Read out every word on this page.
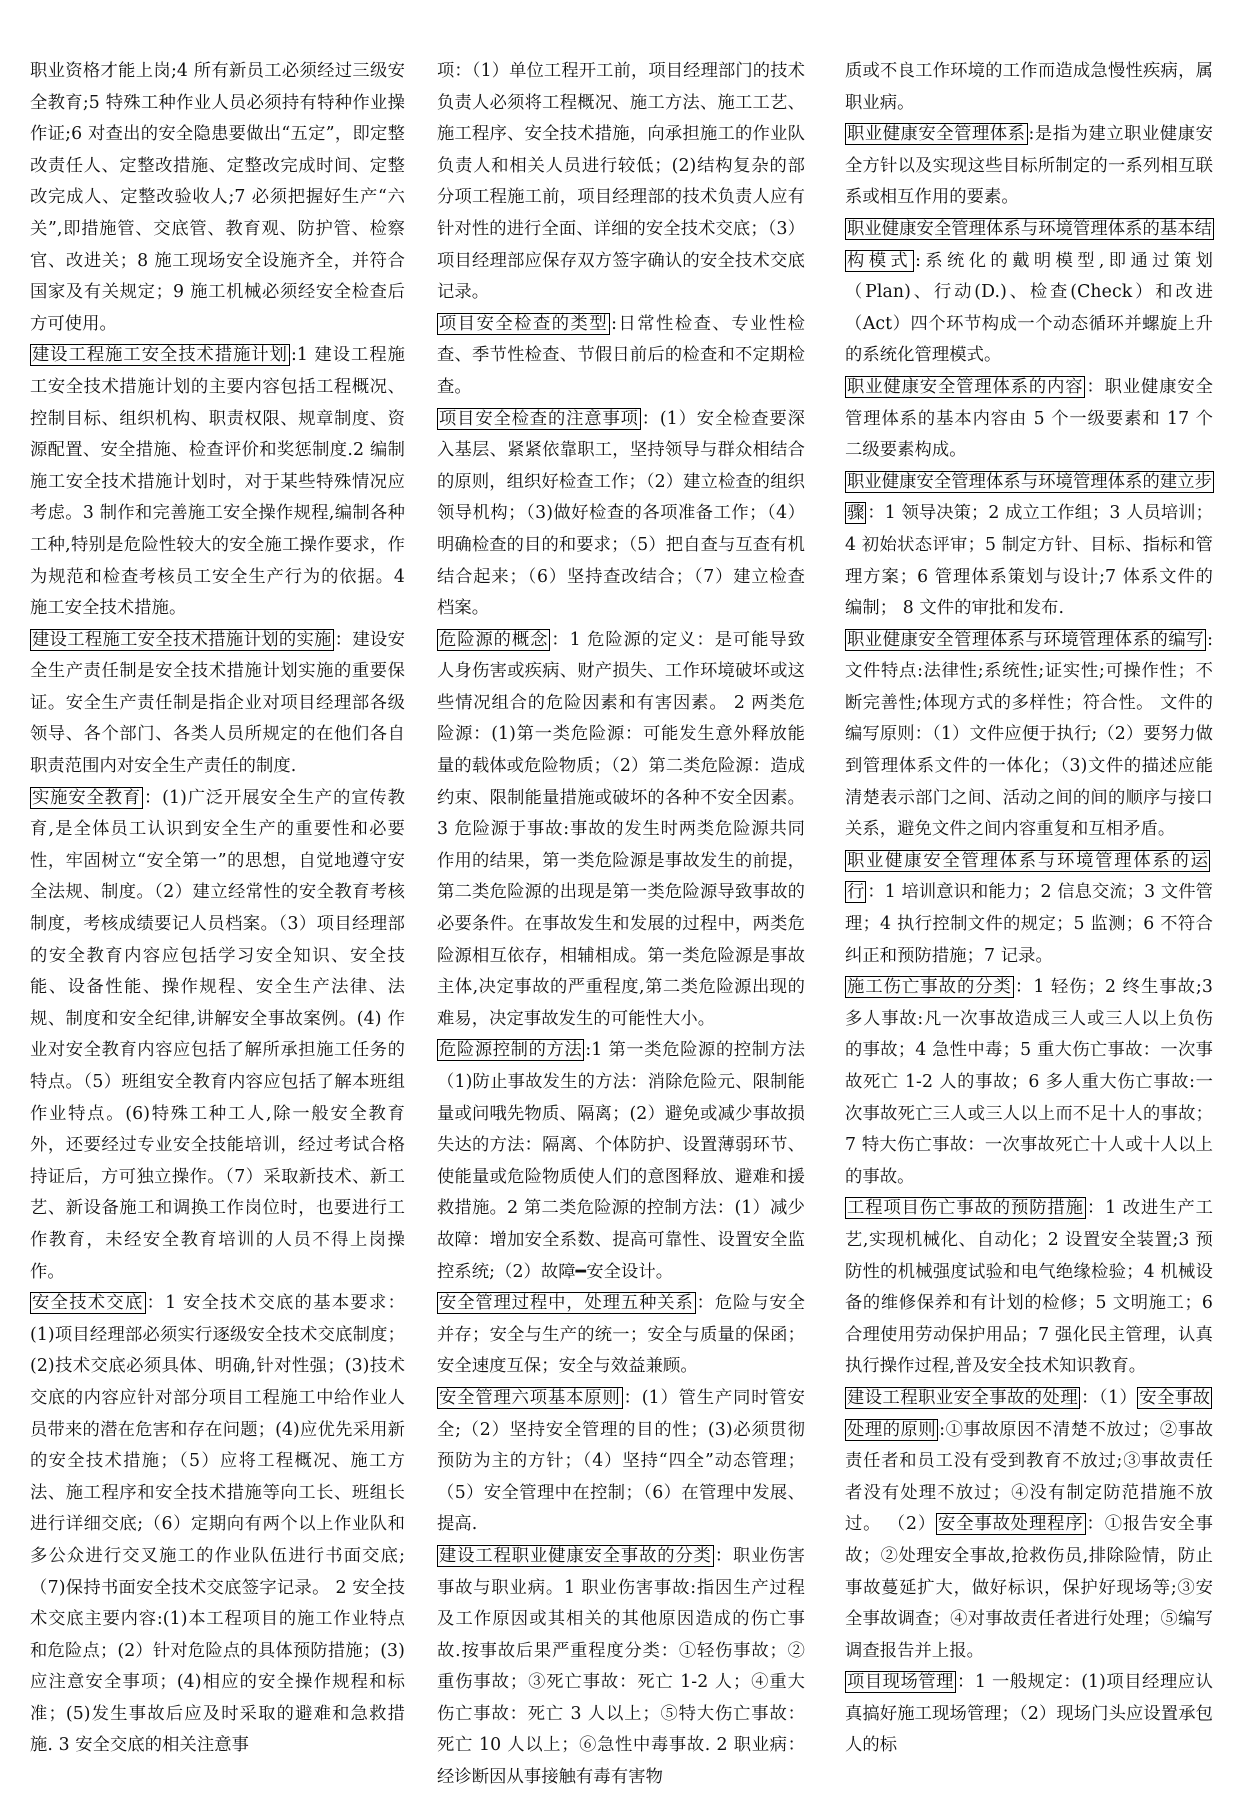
职业资格才能上岗;4 所有新员工必须经过三级安全教育;5 特殊工种作业人员必须持有特种作业操作证;6 对查出的安全隐患要做出“五定”，即定整改责任人、定整改措施、定整改完成时间、定整改完成人、定整改验收人;7 必须把握好生产“六关”,即措施管、交底管、教育观、防护管、检察官、改进关；8 施工现场安全设施齐全，并符合国家及有关规定；9 施工机械必须经安全检查后方可使用。

建设工程施工安全技术措施计划 :1 建设工程施工安全技术措施计划的主要内容包括工程概况、控制目标、组织机构、职责权限、规章制度、资源配置、安全措施、检查评价和奖惩制度.2 编制施工安全技术措施计划时，对于某些特殊情况应考虑。3 制作和完善施工安全操作规程,编制各种工种,特别是危险性较大的安全施工操作要求，作为规范和检查考核员工安全生产行为的依据。4 施工安全技术措施。

建设工程施工安全技术措施计划的实施 ：建设安全生产责任制是安全技术措施计划实施的重要保证。安全生产责任制是指企业对项目经理部各级领导、各个部门、各类人员所规定的在他们各自职责范围内对安全生产责任的制度.

实施安全教育 ：(1)广泛开展安全生产的宣传教育,是全体员工认识到安全生产的重要性和必要性，牢固树立“安全第一”的思想，自觉地遵守安全法规、制度。（2）建立经常性的安全教育考核制度，考核成绩要记人员档案。（3）项目经理部的安全教育内容应包括学习安全知识、安全技能、设备性能、操作规程、安全生产法律、法规、制度和安全纪律,讲解安全事故案例。(4) 作业对安全教育内容应包括了解所承担施工任务的特点。（5）班组安全教育内容应包括了解本班组作业特点。(6)特殊工种工人,除一般安全教育外，还要经过专业安全技能培训，经过考试合格持证后，方可独立操作。（7）采取新技术、新工艺、新设备施工和调换工作岗位时，也要进行工作教育，未经安全教育培训的人员不得上岗操作。

安全技术交底 ：1 安全技术交底的基本要求：(1)项目经理部必须实行逐级安全技术交底制度；(2)技术交底必须具体、明确,针对性强；(3)技术交底的内容应针对部分项目工程施工中给作业人员带来的潜在危害和存在问题；(4)应优先采用新的安全技术措施；（5）应将工程概况、施工方法、施工程序和安全技术措施等向工长、班组长进行详细交底;（6）定期向有两个以上作业队和多公众进行交叉施工的作业队伍进行书面交底;（7)保持书面安全技术交底签字记录。 2 安全技术交底主要内容:(1)本工程项目的施工作业特点和危险点；(2）针对危险点的具体预防措施；(3)应注意安全事项；(4)相应的安全操作规程和标准；(5)发生事故后应及时采取的避难和急救措施. 3 安全交底的相关注意事

项：（1）单位工程开工前，项目经理部门的技术负责人必须将工程概况、施工方法、施工工艺、施工程序、安全技术措施，向承担施工的作业队负责人和相关人员进行较低；(2)结构复杂的部分项工程施工前，项目经理部的技术负责人应有针对性的进行全面、详细的安全技术交底；（3）项目经理部应保存双方签字确认的安全技术交底记录。

项目安全检查的类型 :日常性检查、专业性检查、季节性检查、节假日前后的检查和不定期检查。

项目安全检查的注意事项 ：(1）安全检查要深入基层、紧紧依靠职工，坚持领导与群众相结合的原则，组织好检查工作；（2）建立检查的组织领导机构；（3)做好检查的各项准备工作；（4）明确检查的目的和要求；（5）把自查与互查有机结合起来；（6）坚持查改结合；（7）建立检查档案。

危险源的概念 ：1 危险源的定义：是可能导致人身伤害或疾病、财产损失、工作环境破坏或这些情况组合的危险因素和有害因素。 2 两类危险源：(1)第一类危险源：可能发生意外释放能量的载体或危险物质；（2）第二类危险源：造成约束、限制能量措施或破坏的各种不安全因素。 3 危险源于事故:事故的发生时两类危险源共同作用的结果，第一类危险源是事故发生的前提，第二类危险源的出现是第一类危险源导致事故的必要条件。在事故发生和发展的过程中，两类危险源相互依存，相辅相成。第一类危险源是事故主体,决定事故的严重程度,第二类危险源出现的难易，决定事故发生的可能性大小。

危险源控制的方法 :1 第一类危险源的控制方法（1)防止事故发生的方法：消除危险元、限制能量或问哦先物质、隔离；(2）避免或减少事故损失达的方法：隔离、个体防护、设置薄弱环节、使能量或危险物质使人们的意图释放、避难和援救措施。2 第二类危险源的控制方法：(1）减少故障：增加安全系数、提高可靠性、设置安全监控系统;（2）故障━安全设计。

安全管理过程中，处理五种关系 ：危险与安全并存；安全与生产的统一；安全与质量的保函；安全速度互保；安全与效益兼顾。

安全管理六项基本原则 ：(1）管生产同时管安全;（2）坚持安全管理的目的性；(3)必须贯彻预防为主的方针；（4）坚持“四全”动态管理；（5）安全管理中在控制；（6）在管理中发展、提高.

建设工程职业健康安全事故的分类 ：职业伤害事故与职业病。1 职业伤害事故:指因生产过程及工作原因或其相关的其他原因造成的伤亡事故.按事故后果严重程度分类：①轻伤事故；②重伤事故；③死亡事故：死亡 1-2 人；④重大伤亡事故：死亡 3 人以上；⑤特大伤亡事故：死亡 10 人以上；⑥急性中毒事故. 2 职业病：经诊断因从事接触有毒有害物

质或不良工作环境的工作而造成急慢性疾病，属职业病。

职业健康安全管理体系 :是指为建立职业健康安全方针以及实现这些目标所制定的一系列相互联系或相互作用的要素。

职业健康安全管理体系与环境管理体系的基本结构模式 :系统化的戴明模型,即通过策划（Plan)、行动(D.)、检查(Check）和改进（Act）四个环节构成一个动态循环并螺旋上升的系统化管理模式。

职业健康安全管理体系的内容 ：职业健康安全管理体系的基本内容由 5 个一级要素和 17 个二级要素构成。

职业健康安全管理体系与环境管理体系的建立步骤 ：1 领导决策；2 成立工作组；3 人员培训；4 初始状态评审；5 制定方针、目标、指标和管理方案；6 管理体系策划与设计;7 体系文件的编制； 8 文件的审批和发布.

职业健康安全管理体系与环境管理体系的编写 :文件特点:法律性;系统性;证实性;可操作性；不断完善性;体现方式的多样性；符合性。 文件的编写原则：（1）文件应便于执行;（2）要努力做到管理体系文件的一体化；（3)文件的描述应能清楚表示部门之间、活动之间的间的顺序与接口关系，避免文件之间内容重复和互相矛盾。

职业健康安全管理体系与环境管理体系的运行 ：1 培训意识和能力；2 信息交流；3 文件管理；4 执行控制文件的规定；5 监测；6 不符合纠正和预防措施；7 记录。

施工伤亡事故的分类 ：1 轻伤；2 终生事故;3 多人事故:凡一次事故造成三人或三人以上负伤的事故；4 急性中毒；5 重大伤亡事故：一次事故死亡 1-2 人的事故；6 多人重大伤亡事故:一次事故死亡三人或三人以上而不足十人的事故；7 特大伤亡事故：一次事故死亡十人或十人以上的事故。

工程项目伤亡事故的预防措施 ：1 改进生产工艺,实现机械化、自动化；2 设置安全装置;3 预防性的机械强度试验和电气绝缘检验；4 机械设备的维修保养和有计划的检修；5 文明施工；6 合理使用劳动保护用品；7 强化民主管理，认真执行操作过程,普及安全技术知识教育。

建设工程职业安全事故的处理 ：（1） 安全事故处理的原则 :①事故原因不清楚不放过；②事故责任者和员工没有受到教育不放过;③事故责任者没有处理不放过；④没有制定防范措施不放过。 （2） 安全事故处理程序 ：①报告安全事故；②处理安全事故,抢救伤员,排除险情，防止事故蔓延扩大，做好标识，保护好现场等;③安全事故调查；④对事故责任者进行处理；⑤编写调查报告并上报。

项目现场管理 ：1 一般规定：(1)项目经理应认真搞好施工现场管理；（2）现场门头应设置承包人的标
